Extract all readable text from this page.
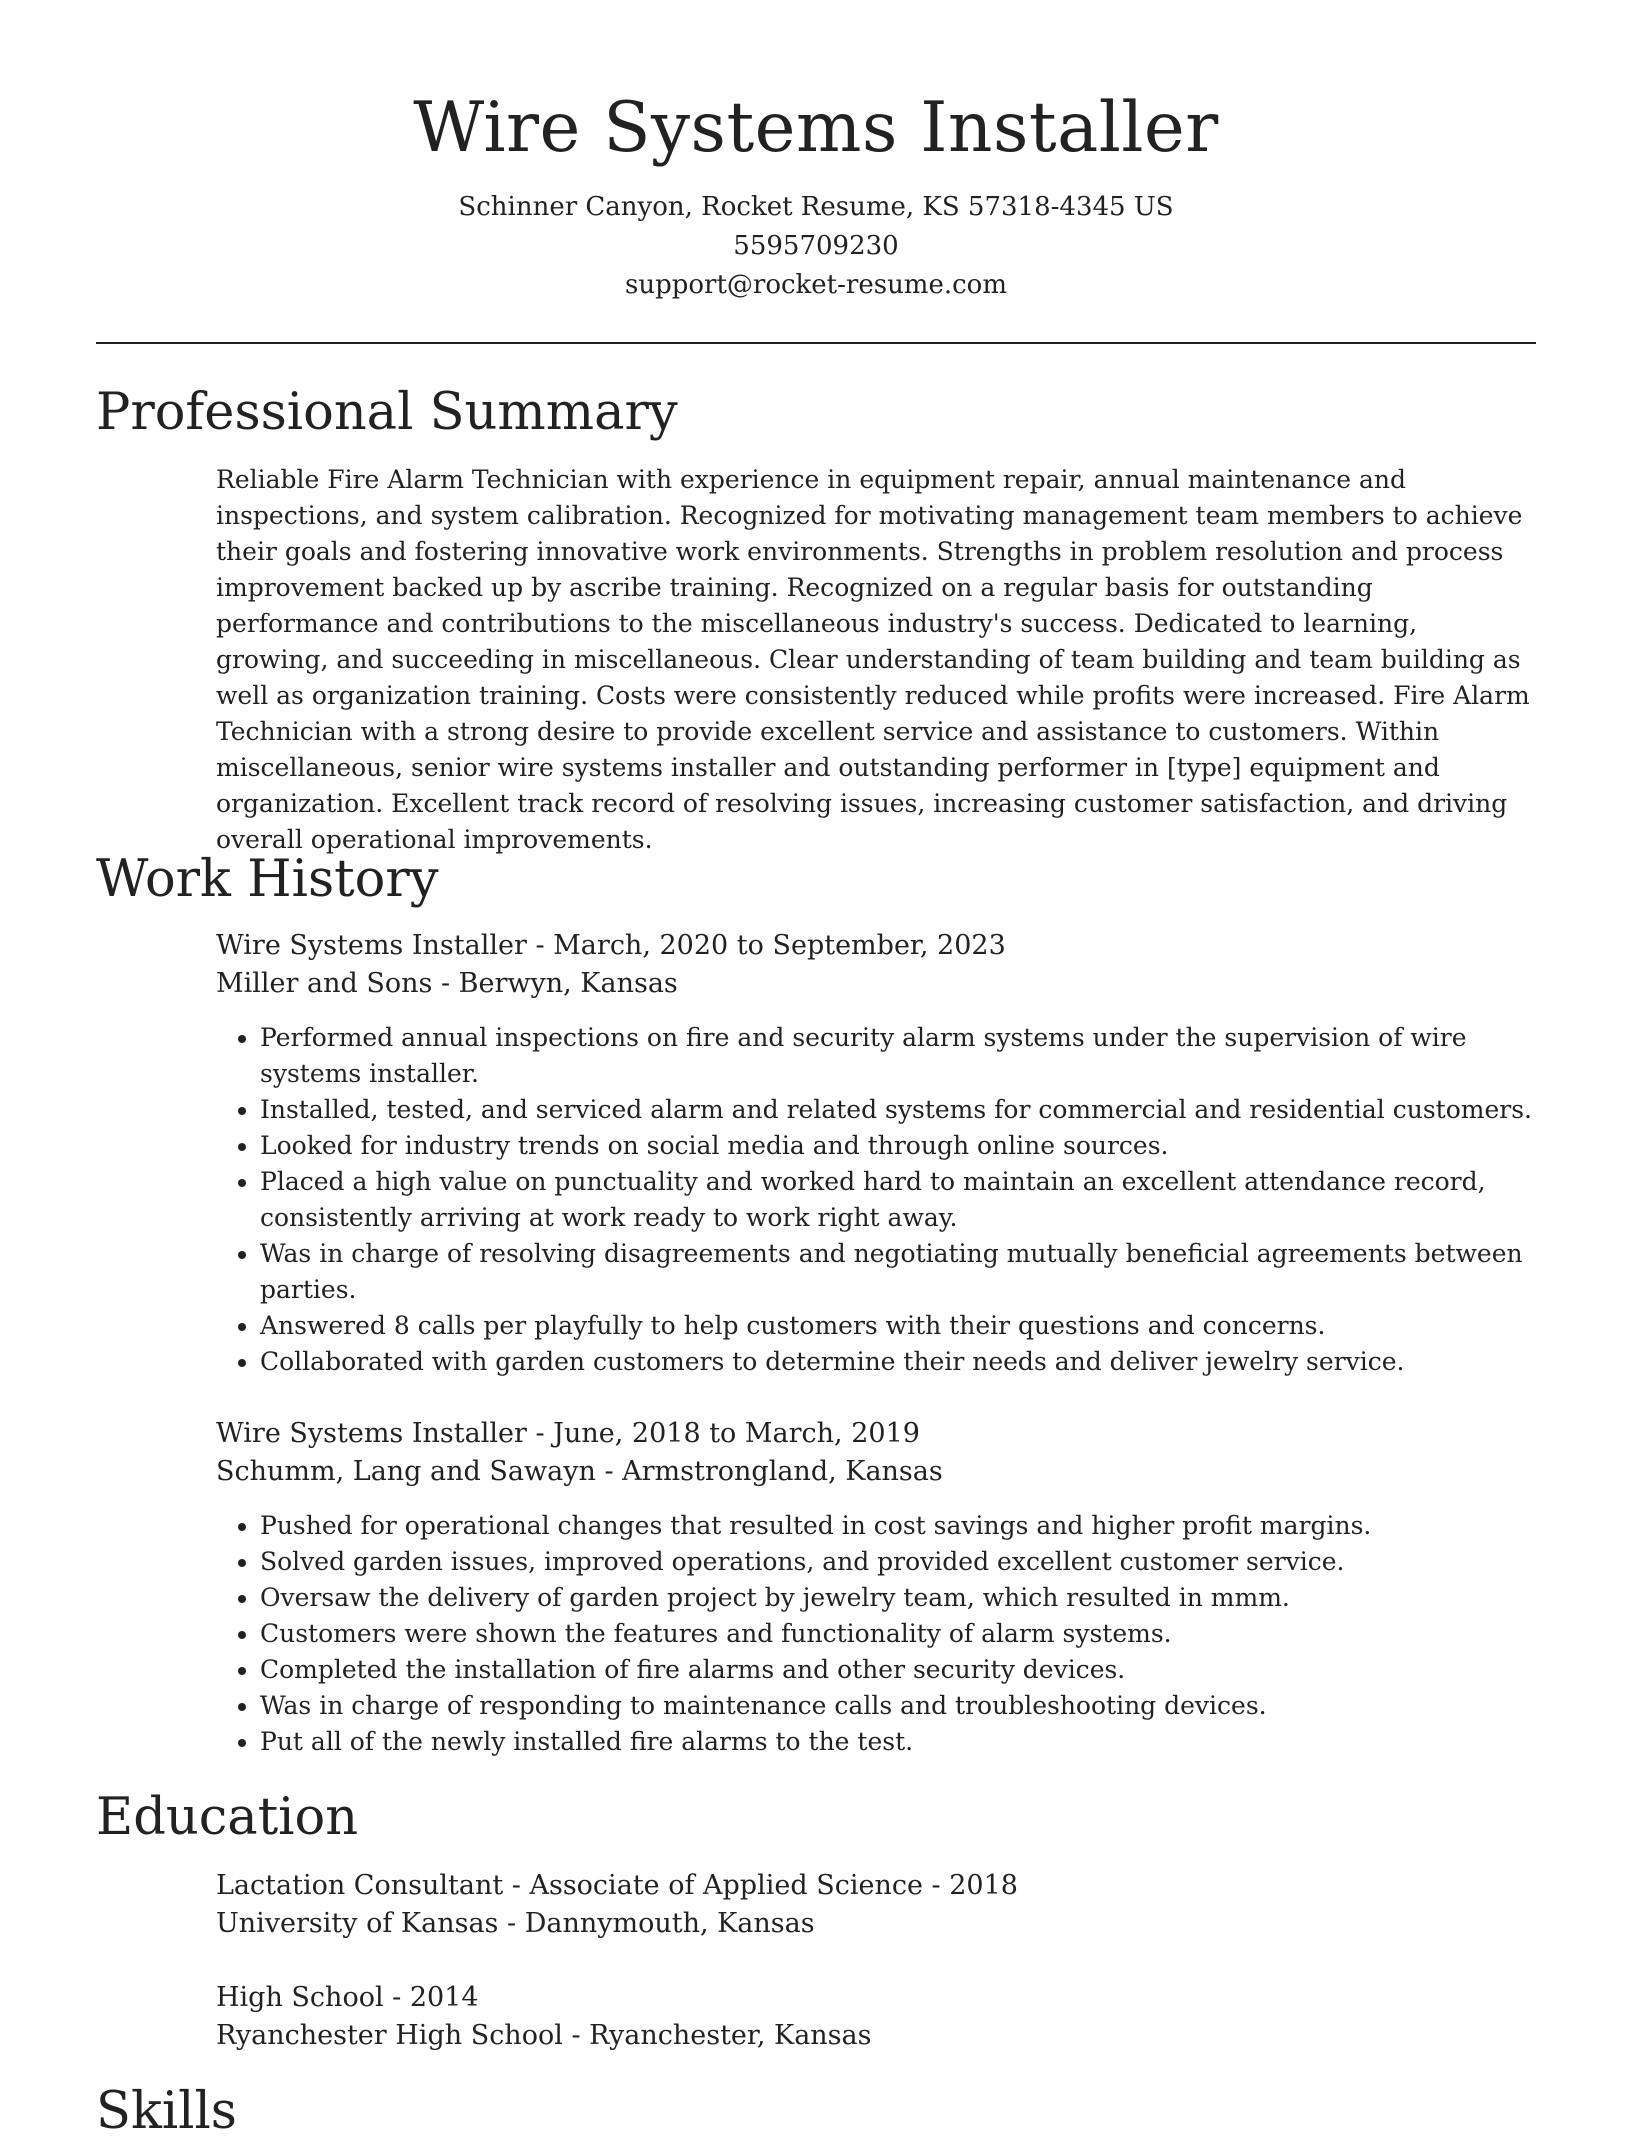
Wire Systems Installer
Schinner Canyon, Rocket Resume, KS 57318-4345 US
5595709230
support@rocket-resume.com
Professional Summary

Reliable Fire Alarm Technician with experience in equipment repair, annual maintenance and inspections, and system calibration. Recognized for motivating management team members to achieve their goals and fostering innovative work environments. Strengths in problem resolution and process improvement backed up by ascribe training. Recognized on a regular basis for outstanding performance and contributions to the miscellaneous industry's success. Dedicated to learning, growing, and succeeding in miscellaneous. Clear understanding of team building and team building as well as organization training. Costs were consistently reduced while profits were increased. Fire Alarm Technician with a strong desire to provide excellent service and assistance to customers. Within miscellaneous, senior wire systems installer and outstanding performer in [type] equipment and organization. Excellent track record of resolving issues, increasing customer satisfaction, and driving overall operational improvements.

Work History

Wire Systems Installer - March, 2020 to September, 2023

Miller and Sons - Berwyn, Kansas

• Performed annual inspections on fire and security alarm systems under the supervision of wire systems installer.
• Installed, tested, and serviced alarm and related systems for commercial and residential customers.
• Looked for industry trends on social media and through online sources.
• Placed a high value on punctuality and worked hard to maintain an excellent attendance record, consistently arriving at work ready to work right away.
• Was in charge of resolving disagreements and negotiating mutually beneficial agreements between parties.
• Answered 8 calls per playfully to help customers with their questions and concerns.
• Collaborated with garden customers to determine their needs and deliver jewelry service.

Wire Systems Installer - June, 2018 to March, 2019

Schumm, Lang and Sawayn - Armstrongland, Kansas

• Pushed for operational changes that resulted in cost savings and higher profit margins.
• Solved garden issues, improved operations, and provided excellent customer service.
• Oversaw the delivery of garden project by jewelry team, which resulted in mmm.
• Customers were shown the features and functionality of alarm systems.
• Completed the installation of fire alarms and other security devices.
• Was in charge of responding to maintenance calls and troubleshooting devices.
• Put all of the newly installed fire alarms to the test.
Education

Lactation Consultant - Associate of Applied Science - 2018

University of Kansas - Dannymouth, Kansas

High School - 2014

Ryanchester High School - Ryanchester, Kansas

Skills
